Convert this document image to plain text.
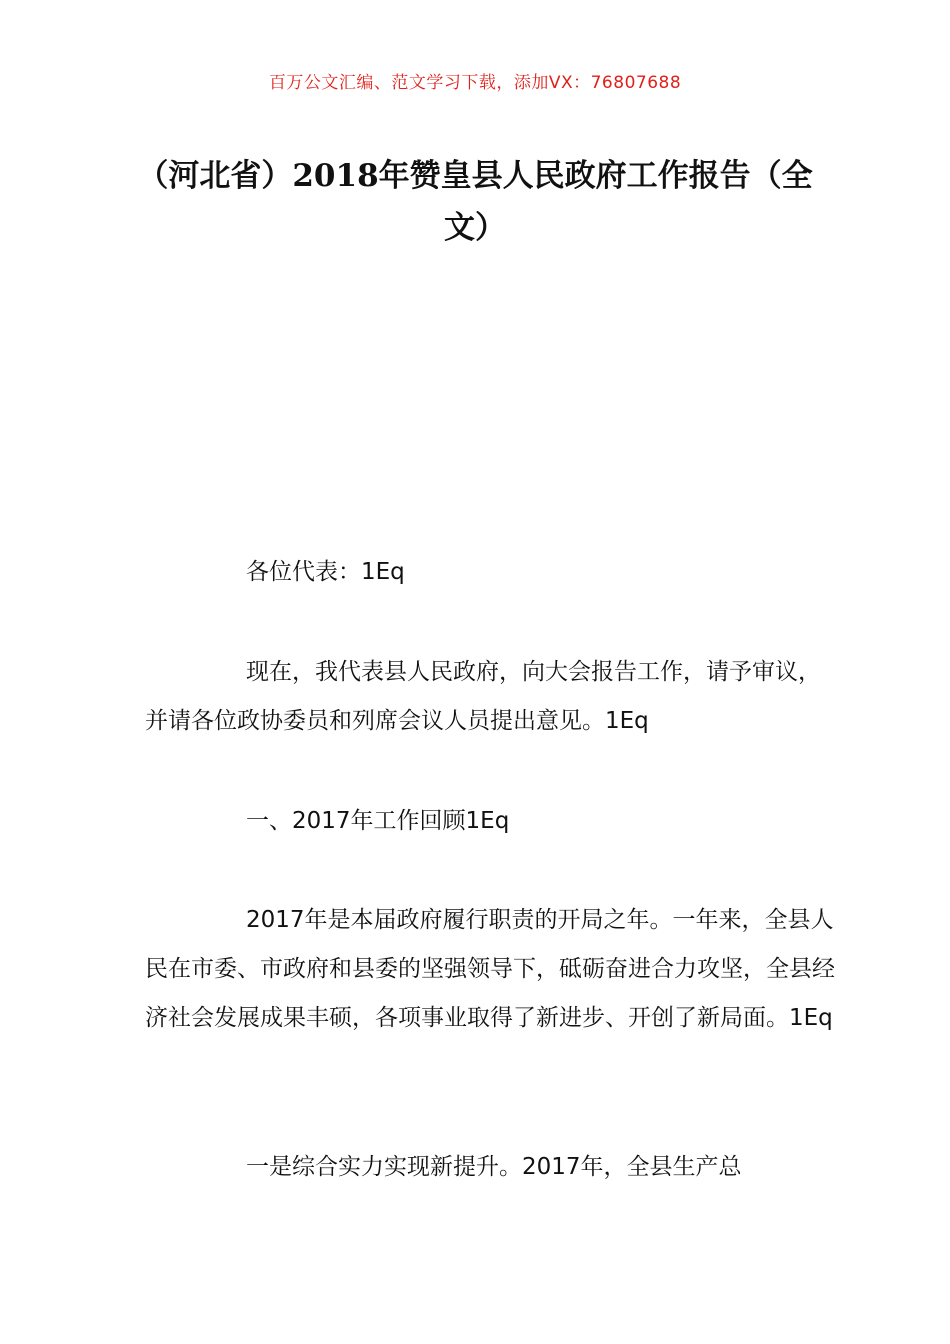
百万公文汇编、范文学习下载，添加VX：76807688
（河北省）2018年赞皇县人民政府工作报告（全文）
各位代表：1Eq
现在，我代表县人民政府，向大会报告工作，请予审议，并请各位政协委员和列席会议人员提出意见。1Eq
一、2017年工作回顾1Eq
2017年是本届政府履行职责的开局之年。一年来，全县人民在市委、市政府和县委的坚强领导下，砥砺奋进合力攻坚，全县经济社会发展成果丰硕，各项事业取得了新进步、开创了新局面。1Eq
一是综合实力实现新提升。2017年，全县生产总
